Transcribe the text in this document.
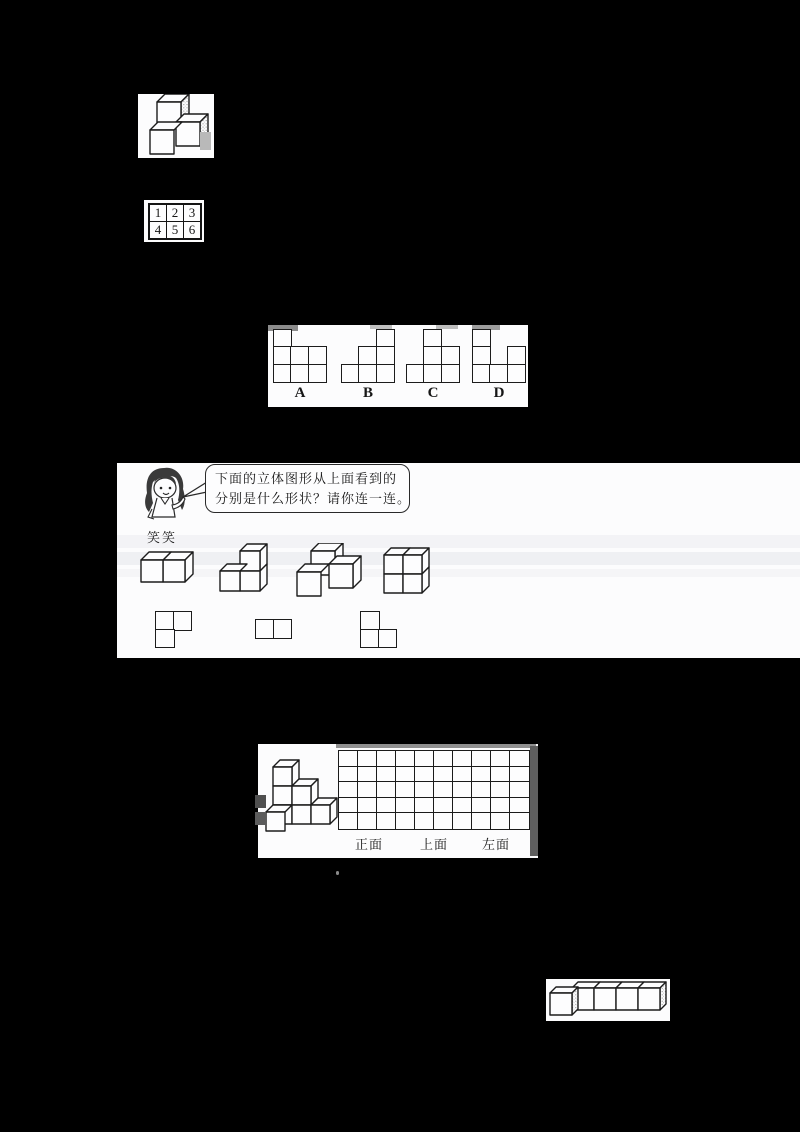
1	2	3
4	5	6
A	B	C	D
下面的立体图形从上面看到的
分别是什么形状？请你连一连。
笑笑
正面	上面	左面
